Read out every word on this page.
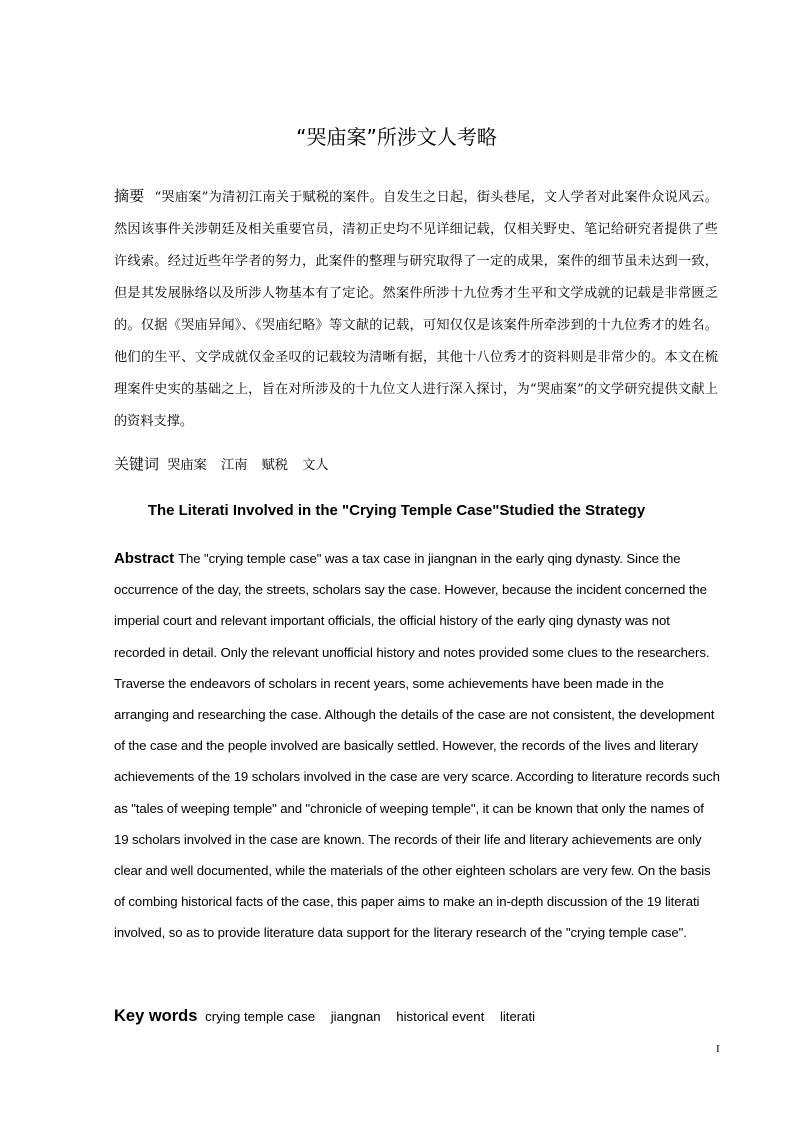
“哭庙案”所涉文人考略

摘要 “哭庙案”为清初江南关于赋税的案件。自发生之日起，街头巷尾，文人学者对此案件众说风云。然因该事件关涉朝廷及相关重要官员，清初正史均不见详细记载，仅相关野史、笔记给研究者提供了些许线索。经过近些年学者的努力，此案件的整理与研究取得了一定的成果，案件的细节虽未达到一致，但是其发展脉络以及所涉人物基本有了定论。然案件所涉十九位秀才生平和文学成就的记载是非常匮乏的。仅据《哭庙异闻》、《哭庙纪略》等文献的记载，可知仅仅是该案件所牵涉到的十九位秀才的姓名。他们的生平、文学成就仅金圣叹的记载较为清晰有据，其他十八位秀才的资料则是非常少的。本文在梳理案件史实的基础之上，旨在对所涉及的十九位文人进行深入探讨，为“哭庙案”的文学研究提供文献上的资料支撑。

关键词 哭庙案 江南 赋税 文人
The Literati Involved in the "Crying Temple Case"Studied the Strategy

Abstract The "crying temple case" was a tax case in jiangnan in the early qing dynasty. Since the occurrence of the day, the streets, scholars say the case. However, because the incident concerned the imperial court and relevant important officials, the official history of the early qing dynasty was not recorded in detail. Only the relevant unofficial history and notes provided some clues to the researchers. Traverse the endeavors of scholars in recent years, some achievements have been made in the arranging and researching the case. Although the details of the case are not consistent, the development of the case and the people involved are basically settled. However, the records of the lives and literary achievements of the 19 scholars involved in the case are very scarce. According to literature records such as "tales of weeping temple" and "chronicle of weeping temple", it can be known that only the names of 19 scholars involved in the case are known. The records of their life and literary achievements are only clear and well documented, while the materials of the other eighteen scholars are very few. On the basis of combing historical facts of the case, this paper aims to make an in-depth discussion of the 19 literati involved, so as to provide literature data support for the literary research of the "crying temple case".

Key words crying temple case jiangnan historical event literati
I
